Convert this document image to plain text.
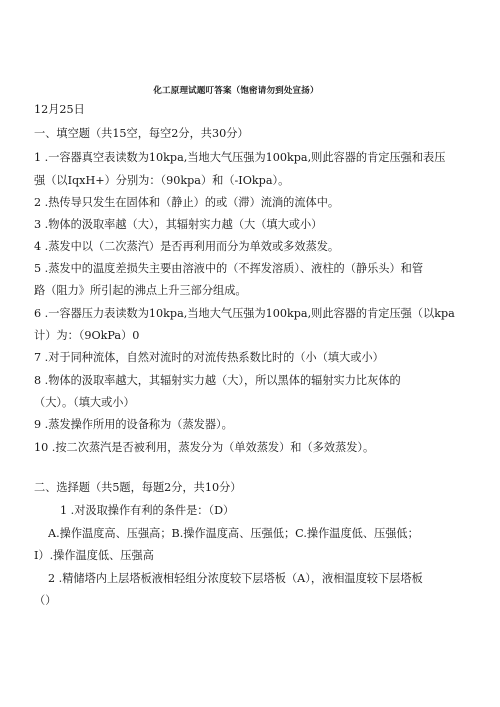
化工原理试题叮答案（饱密请勿到处宣扬）
12月25日
一、填空题（共15空，每空2分，共30分）
1 .一容器真空表读数为10kpa,当地大气压强为100kpa,则此容器的肯定压强和表压
强（以IqxH+）分别为：（90kpa）和（-IOkpa）。
2 .热传导只发生在固体和（静止）的或（滞）流淌的流体中。
3 .物体的汲取率越（大），其辐射实力越（大（填大或小）
4 .蒸发中以（二次蒸汽）是否再利用而分为单效或多效蒸发。
5 .蒸发中的温度差损失主要由溶液中的（不挥发溶质）、液柱的（静乐头）和管
路（阻力》所引起的沸点上升三部分组成。
6 .一容器压力表读数为10kpa,当地大气压强为100kpa,则此容器的肯定压强（以kpa
计）为：（9OkPa）0
7 .对于同种流体，自然对流时的对流传热系数比时的（小（填大或小）
8 .物体的汲取率越大，其辐射实力越（大），所以黑体的辐射实力比灰体的
（大）。（填大或小）
9 .蒸发操作所用的设备称为（蒸发器）。
10 .按二次蒸汽是否被利用，蒸发分为（单效蒸发）和（多效蒸发）。
二、选择题（共5题，每题2分，共10分）
1 .对汲取操作有利的条件是：（D）
A.操作温度高、压强高；B.操作温度高、压强低；C.操作温度低、压强低；
I）.操作温度低、压强高
2 .精储塔内上层塔板液相轻组分浓度较下层塔板（A），液相温度较下层塔板
（）
